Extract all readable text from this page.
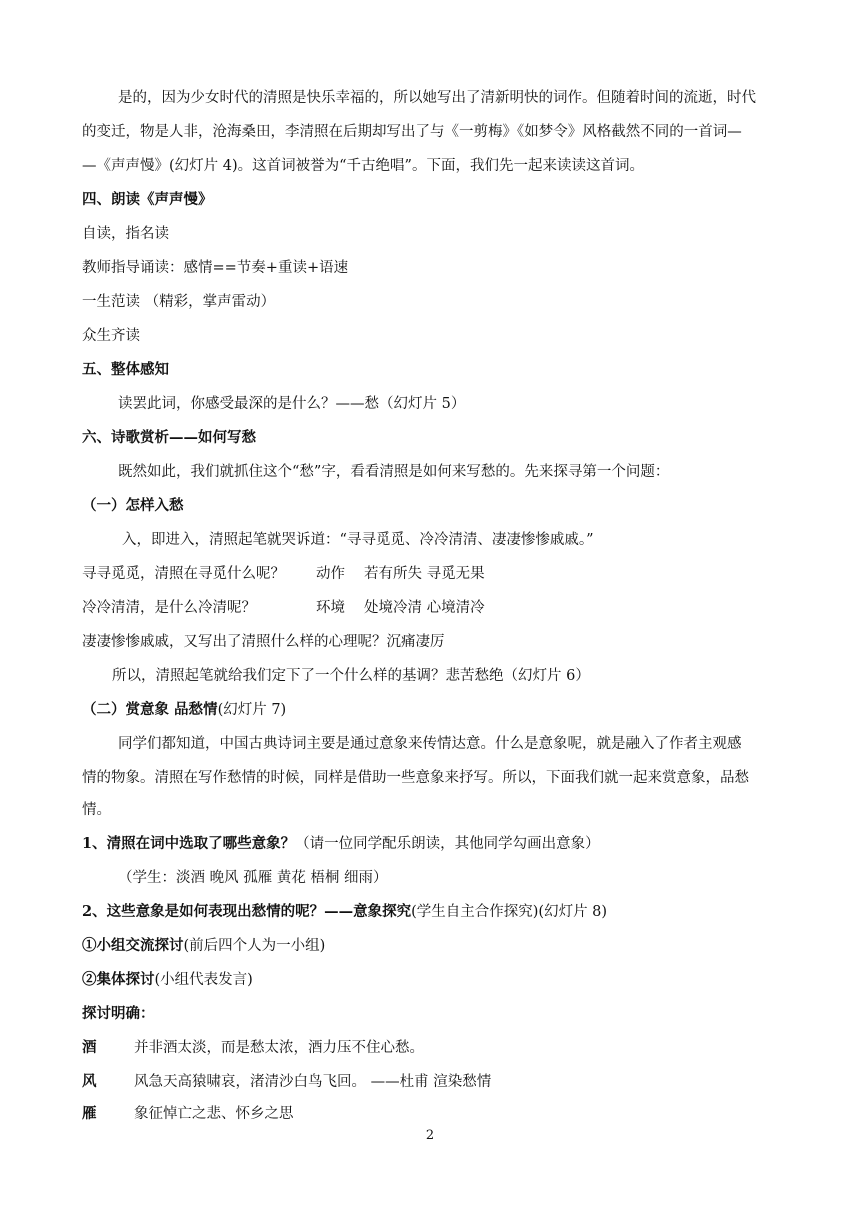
是的，因为少女时代的清照是快乐幸福的，所以她写出了清新明快的词作。但随着时间的流逝，时代
的变迁，物是人非，沧海桑田，李清照在后期却写出了与《一剪梅》《如梦令》风格截然不同的一首词—
—《声声慢》(幻灯片 4)。这首词被誉为“千古绝唱”。下面，我们先一起来读读这首词。
四、朗读《声声慢》
自读，指名读
教师指导诵读：感情==节奏+重读+语速
一生范读 （精彩，掌声雷动）
众生齐读
五、整体感知
读罢此词，你感受最深的是什么？——愁（幻灯片 5）
六、诗歌赏析——如何写愁
既然如此，我们就抓住这个“愁”字，看看清照是如何来写愁的。先来探寻第一个问题：
（一）怎样入愁
入，即进入，清照起笔就哭诉道：“寻寻觅觅、冷冷清清、凄凄惨惨戚戚。”
寻寻觅觅，清照在寻觅什么呢？ 动作 若有所失 寻觅无果
冷冷清清，是什么冷清呢？	环境 处境冷清 心境清冷
凄凄惨惨戚戚，又写出了清照什么样的心理呢？沉痛凄厉
所以，清照起笔就给我们定下了一个什么样的基调？悲苦愁绝（幻灯片 6）
（二）赏意象 品愁情(幻灯片 7)
同学们都知道，中国古典诗词主要是通过意象来传情达意。什么是意象呢，就是融入了作者主观感
情的物象。清照在写作愁情的时候，同样是借助一些意象来抒写。所以，下面我们就一起来赏意象，品愁
情。
1、清照在词中选取了哪些意象？（请一位同学配乐朗读，其他同学勾画出意象）
（学生：淡酒 晚风 孤雁 黄花 梧桐 细雨）
2、这些意象是如何表现出愁情的呢？——意象探究(学生自主合作探究)(幻灯片 8)
①小组交流探讨(前后四个人为一小组)
②集体探讨(小组代表发言)
探讨明确：
酒	并非酒太淡，而是愁太浓，酒力压不住心愁。
风	风急天高猿啸哀，渚清沙白鸟飞回。 ——杜甫 渲染愁情
雁	象征悼亡之悲、怀乡之思
2
